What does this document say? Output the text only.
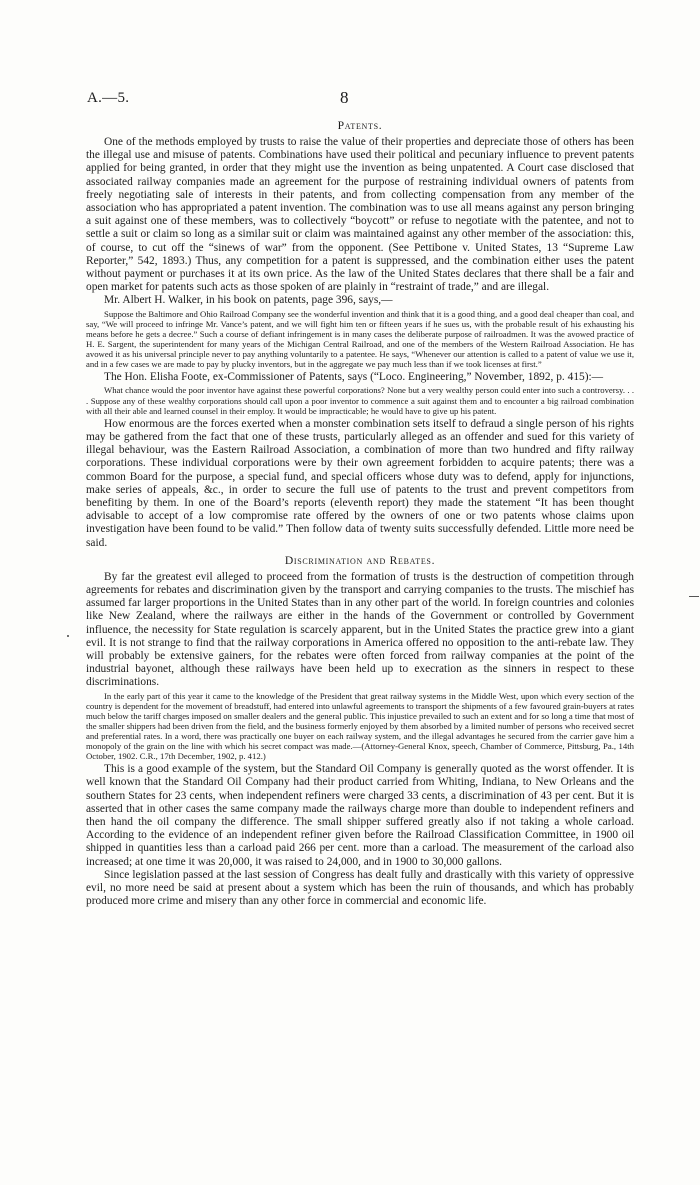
A.—5.	8
Patents.

One of the methods employed by trusts to raise the value of their properties and depreciate those of others has been the illegal use and misuse of patents. Combinations have used their political and pecuniary influence to prevent patents applied for being granted, in order that they might use the invention as being unpatented. A Court case disclosed that associated railway companies made an agreement for the purpose of restraining individual owners of patents from freely negotiating sale of interests in their patents, and from collecting compensation from any member of the association who has appropriated a patent invention. The combination was to use all means against any person bringing a suit against one of these members, was to collectively “boycott” or refuse to negotiate with the patentee, and not to settle a suit or claim so long as a similar suit or claim was maintained against any other member of the association: this, of course, to cut off the “sinews of war” from the opponent. (See Pettibone v. United States, 13 “Supreme Law Reporter,” 542, 1893.) Thus, any competition for a patent is suppressed, and the combination either uses the patent without payment or purchases it at its own price. As the law of the United States declares that there shall be a fair and open market for patents such acts as those spoken of are plainly in “restraint of trade,” and are illegal.

Mr. Albert H. Walker, in his book on patents, page 396, says,—

Suppose the Baltimore and Ohio Railroad Company see the wonderful invention and think that it is a good thing, and a good deal cheaper than coal, and say, “We will proceed to infringe Mr. Vance’s patent, and we will fight him ten or fifteen years if he sues us, with the probable result of his exhausting his means before he gets a decree.” Such a course of defiant infringement is in many cases the deliberate purpose of railroadmen. It was the avowed practice of H. E. Sargent, the superintendent for many years of the Michigan Central Railroad, and one of the members of the Western Railroad Association. He has avowed it as his universal principle never to pay anything voluntarily to a patentee. He says, “Whenever our attention is called to a patent of value we use it, and in a few cases we are made to pay by plucky inventors, but in the aggregate we pay much less than if we took licenses at first.”

The Hon. Elisha Foote, ex-Commissioner of Patents, says (“Loco. Engineering,” November, 1892, p. 415):—

What chance would the poor inventor have against these powerful corporations? None but a very wealthy person could enter into such a controversy. . . . Suppose any of these wealthy corporations should call upon a poor inventor to commence a suit against them and to encounter a big railroad combination with all their able and learned counsel in their employ. It would be impracticable; he would have to give up his patent.

How enormous are the forces exerted when a monster combination sets itself to defraud a single person of his rights may be gathered from the fact that one of these trusts, particularly alleged as an offender and sued for this variety of illegal behaviour, was the Eastern Railroad Association, a combination of more than two hundred and fifty railway corporations. These individual corporations were by their own agreement forbidden to acquire patents; there was a common Board for the purpose, a special fund, and special officers whose duty was to defend, apply for injunctions, make series of appeals, &c., in order to secure the full use of patents to the trust and prevent competitors from benefiting by them. In one of the Board’s reports (eleventh report) they made the statement “It has been thought advisable to accept of a low compromise rate offered by the owners of one or two patents whose claims upon investigation have been found to be valid.” Then follow data of twenty suits successfully defended. Little more need be said.

Discrimination and Rebates.

By far the greatest evil alleged to proceed from the formation of trusts is the destruction of competition through agreements for rebates and discrimination given by the transport and carrying companies to the trusts. The mischief has assumed far larger proportions in the United States than in any other part of the world. In foreign countries and colonies like New Zealand, where the railways are either in the hands of the Government or controlled by Government influence, the necessity for State regulation is scarcely apparent, but in the United States the practice grew into a giant evil. It is not strange to find that the railway corporations in America offered no opposition to the anti-rebate law. They will probably be extensive gainers, for the rebates were often forced from railway companies at the point of the industrial bayonet, although these railways have been held up to execration as the sinners in respect to these discriminations.

In the early part of this year it came to the knowledge of the President that great railway systems in the Middle West, upon which every section of the country is dependent for the movement of breadstuff, had entered into unlawful agreements to transport the shipments of a few favoured grain-buyers at rates much below the tariff charges imposed on smaller dealers and the general public. This injustice prevailed to such an extent and for so long a time that most of the smaller shippers had been driven from the field, and the business formerly enjoyed by them absorbed by a limited number of persons who received secret and preferential rates. In a word, there was practically one buyer on each railway system, and the illegal advantages he secured from the carrier gave him a monopoly of the grain on the line with which his secret compact was made.—(Attorney-General Knox, speech, Chamber of Commerce, Pittsburg, Pa., 14th October, 1902. C.R., 17th December, 1902, p. 412.)

This is a good example of the system, but the Standard Oil Company is generally quoted as the worst offender. It is well known that the Standard Oil Company had their product carried from Whiting, Indiana, to New Orleans and the southern States for 23 cents, when independent refiners were charged 33 cents, a discrimination of 43 per cent. But it is asserted that in other cases the same company made the railways charge more than double to independent refiners and then hand the oil company the difference. The small shipper suffered greatly also if not taking a whole carload. According to the evidence of an independent refiner given before the Railroad Classification Committee, in 1900 oil shipped in quantities less than a carload paid 266 per cent. more than a carload. The measurement of the carload also increased; at one time it was 20,000, it was raised to 24,000, and in 1900 to 30,000 gallons.

Since legislation passed at the last session of Congress has dealt fully and drastically with this variety of oppressive evil, no more need be said at present about a system which has been the ruin of thousands, and which has probably produced more crime and misery than any other force in commercial and economic life.
